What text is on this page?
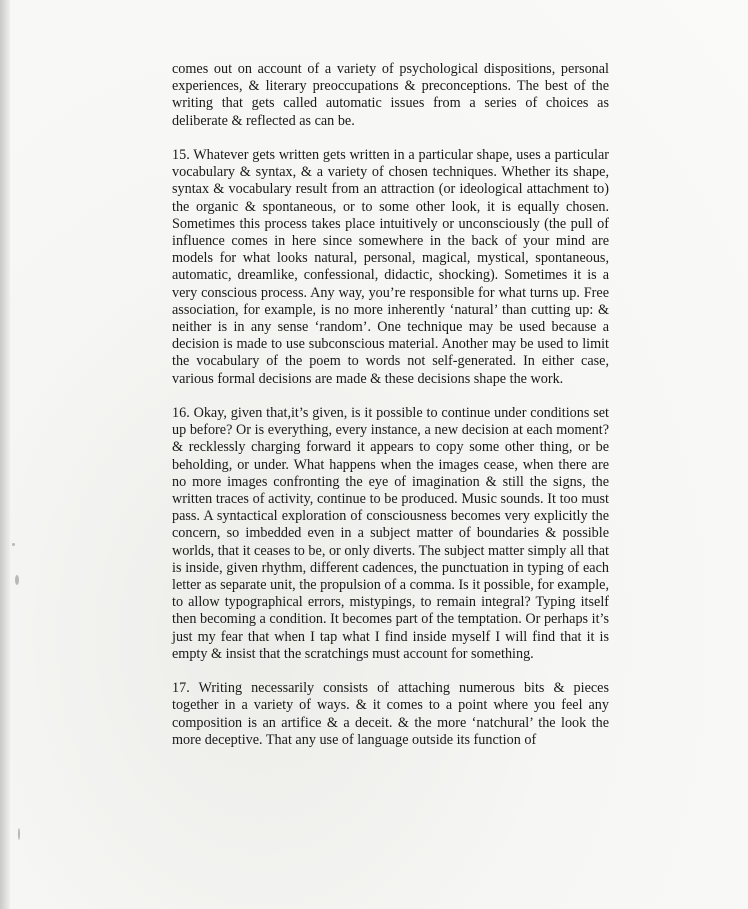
comes out on account of a variety of psychological dispositions, personal experiences, & literary preoccupations & preconceptions. The best of the writing that gets called automatic issues from a series of choices as deliberate & reflected as can be.

15. Whatever gets written gets written in a particular shape, uses a particular vocabulary & syntax, & a variety of chosen techniques. Whether its shape, syntax & vocabulary result from an attraction (or ideological attachment to) the organic & spontaneous, or to some other look, it is equally chosen. Sometimes this process takes place intuitively or unconsciously (the pull of influence comes in here since somewhere in the back of your mind are models for what looks natural, personal, magical, mystical, spontaneous, automatic, dreamlike, confessional, didactic, shocking). Sometimes it is a very conscious process. Any way, you’re responsible for what turns up. Free association, for example, is no more inherently ‘natural’ than cutting up: & neither is in any sense ‘random’. One technique may be used because a decision is made to use subconscious material. Another may be used to limit the vocabulary of the poem to words not self-generated. In either case, various formal decisions are made & these decisions shape the work.

16. Okay, given that,it’s given, is it possible to continue under conditions set up before? Or is everything, every instance, a new decision at each moment? & recklessly charging forward it appears to copy some other thing, or be beholding, or under. What happens when the images cease, when there are no more images confronting the eye of imagination & still the signs, the written traces of activity, continue to be produced. Music sounds. It too must pass. A syntactical exploration of consciousness becomes very explicitly the concern, so imbedded even in a subject matter of boundaries & possible worlds, that it ceases to be, or only diverts. The subject matter simply all that is inside, given rhythm, different cadences, the punctuation in typing of each letter as separate unit, the propulsion of a comma. Is it possible, for example, to allow typographical errors, mistypings, to remain integral? Typing itself then becoming a condition. It becomes part of the temptation. Or perhaps it’s just my fear that when I tap what I find inside myself I will find that it is empty & insist that the scratchings must account for something.

17. Writing necessarily consists of attaching numerous bits & pieces together in a variety of ways. & it comes to a point where you feel any composition is an artifice & a deceit. & the more ‘natchural’ the look the more deceptive. That any use of language outside its function of
